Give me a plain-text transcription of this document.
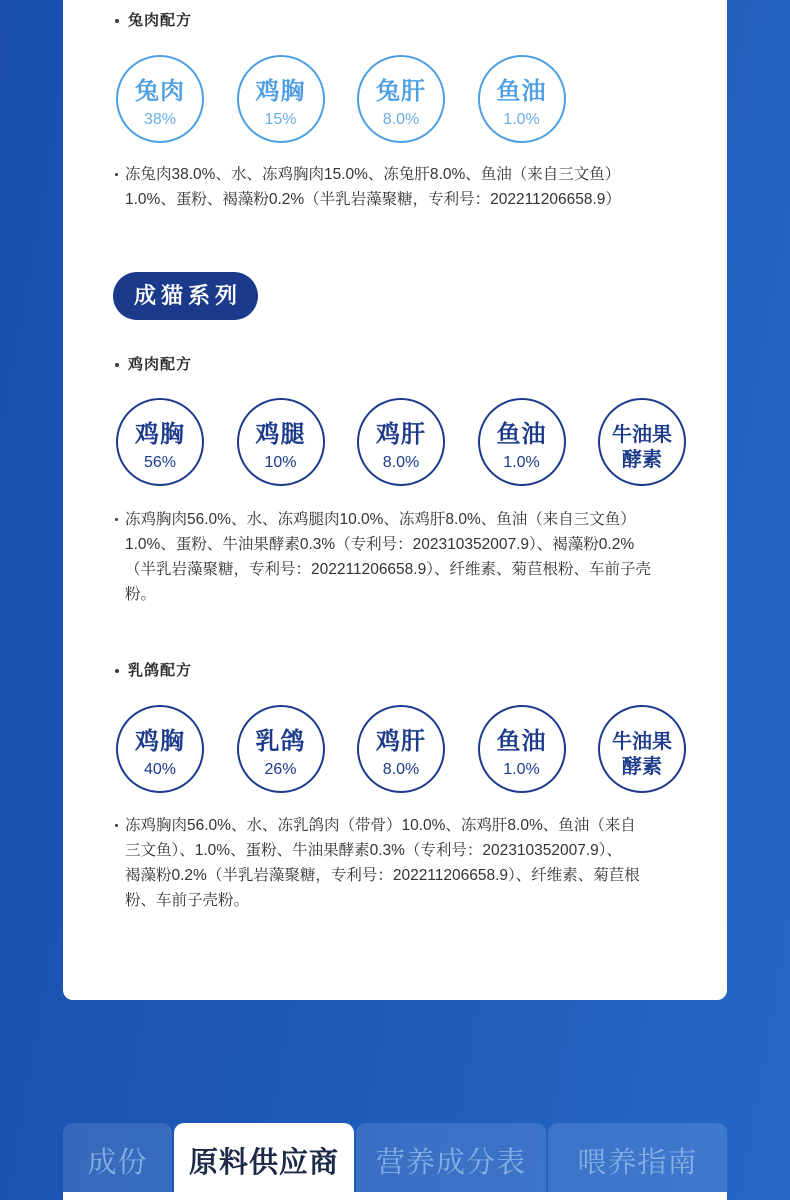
兔肉配方
兔肉
38%
鸡胸
15%
兔肝
8.0%
鱼油
1.0%
冻兔肉38.0%、水、冻鸡胸肉15.0%、冻兔肝8.0%、鱼油（来自三文鱼）
1.0%、蛋粉、褐藻粉0.2%（半乳岩藻聚糖，专利号：202211206658.9）
成猫系列
鸡肉配方
鸡胸
56%
鸡腿
10%
鸡肝
8.0%
鱼油
1.0%
牛油果
酵素
冻鸡胸肉56.0%、水、冻鸡腿肉10.0%、冻鸡肝8.0%、鱼油（来自三文鱼）
1.0%、蛋粉、牛油果酵素0.3%（专利号：202310352007.9）、褐藻粉0.2%
（半乳岩藻聚糖，专利号：202211206658.9）、纤维素、菊苣根粉、车前子壳
粉。
乳鸽配方
鸡胸
40%
乳鸽
26%
鸡肝
8.0%
鱼油
1.0%
牛油果
酵素
冻鸡胸肉56.0%、水、冻乳鸽肉（带骨）10.0%、冻鸡肝8.0%、鱼油（来自
三文鱼）、1.0%、蛋粉、牛油果酵素0.3%（专利号：202310352007.9）、
褐藻粉0.2%（半乳岩藻聚糖，专利号：202211206658.9）、纤维素、菊苣根
粉、车前子壳粉。
成份	原料供应商	营养成分表	喂养指南
